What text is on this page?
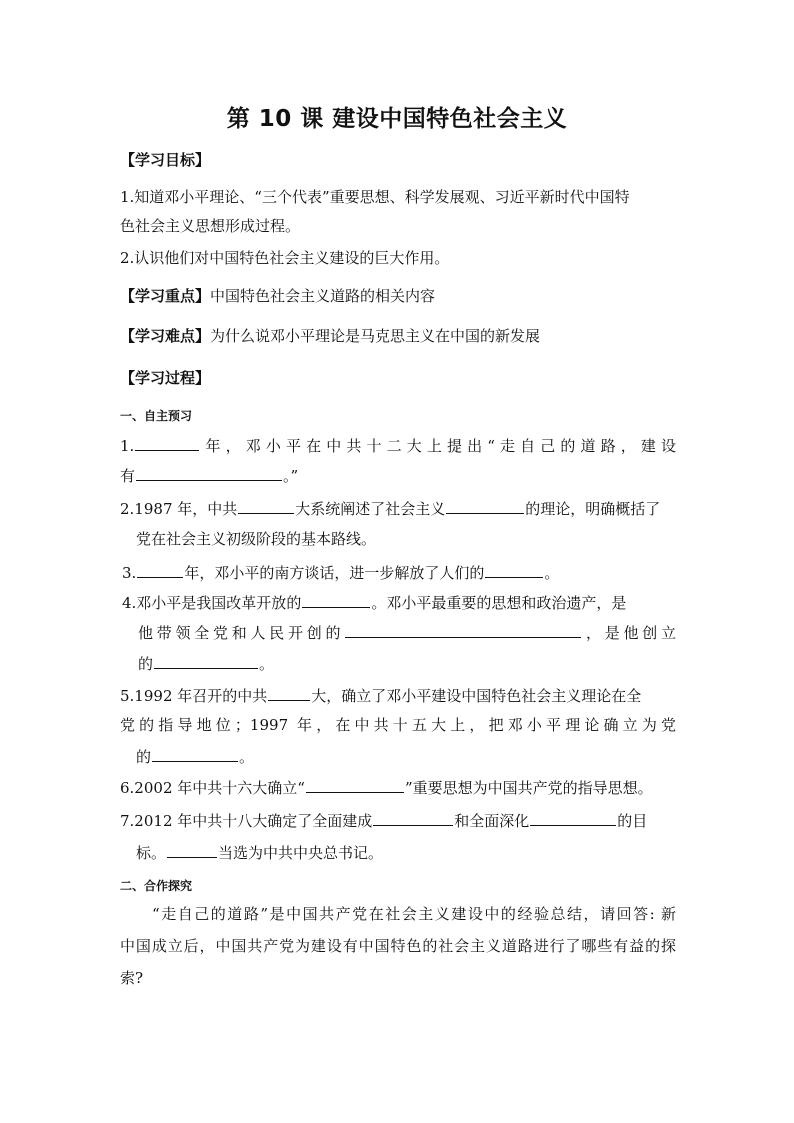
第 10 课 建设中国特色社会主义
【学习目标】
1.知道邓小平理论、“三个代表”重要思想、科学发展观、习近平新时代中国特
色社会主义思想形成过程。
2.认识他们对中国特色社会主义建设的巨大作用。
【学习重点】中国特色社会主义道路的相关内容
【学习难点】为什么说邓小平理论是马克思主义在中国的新发展
【学习过程】
一、自主预习
1.	年，邓小平在中共十二大上提出“走自己的道路，建设
有	。”
2.1987 年，中共	大系统阐述了社会主义	的理论，明确概括了
党在社会主义初级阶段的基本路线。
3.	年，邓小平的南方谈话，进一步解放了人们的	。
4.邓小平是我国改革开放的	。邓小平最重要的思想和政治遗产，是
他带领全党和人民开创的	，是他创立
的	。
5.1992 年召开的中共	大，确立了邓小平建设中国特色社会主义理论在全
党的指导地位；1997 年，在中共十五大上，把邓小平理论确立为党
的	。
6.2002 年中共十六大确立“	”重要思想为中国共产党的指导思想。
7.2012 年中共十八大确定了全面建成	和全面深化	的目
标。	当选为中共中央总书记。
二、合作探究
“走自己的道路”是中国共产党在社会主义建设中的经验总结，请回答: 新
中国成立后，中国共产党为建设有中国特色的社会主义道路进行了哪些有益的探
索?
